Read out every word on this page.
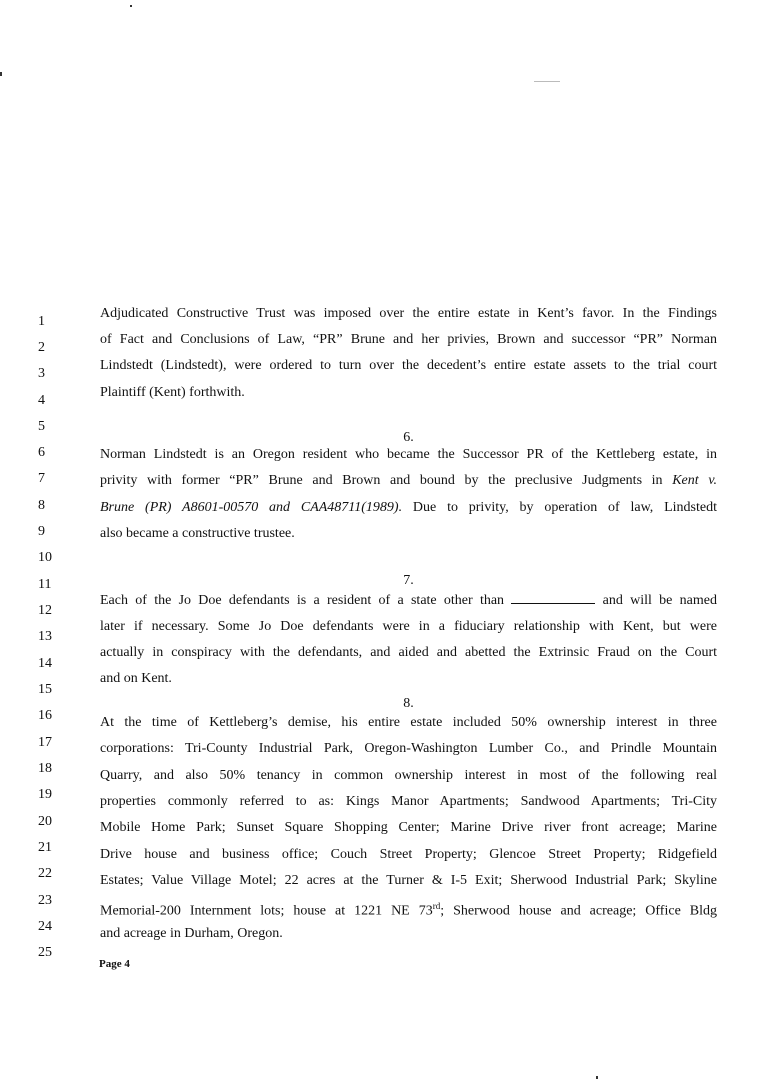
1
2
3
4
5
6
7
8
9
10
11
12
13
14
15
16
17
18
19
20
21
22
23
24
25
Adjudicated Constructive Trust was imposed over the entire estate in Kent’s favor. In the Findings
of Fact and Conclusions of Law, “PR” Brune and her privies, Brown and successor “PR” Norman
Lindstedt (Lindstedt), were ordered to turn over the decedent’s entire estate assets to the trial court
Plaintiff (Kent) forthwith.
6.
Norman Lindstedt is an Oregon resident who became the Successor PR of the Kettleberg estate, in
privity with former “PR” Brune and Brown and bound by the preclusive Judgments in Kent v.
Brune (PR) A8601-00570 and CAA48711(1989). Due to privity, by operation of law, Lindstedt
also became a constructive trustee.
7.
Each of the Jo Doe defendants is a resident of a state other than	and will be named
later if necessary. Some Jo Doe defendants were in a fiduciary relationship with Kent, but were
actually in conspiracy with the defendants, and aided and abetted the Extrinsic Fraud on the Court
and on Kent.
8.
At the time of Kettleberg’s demise, his entire estate included 50% ownership interest in three
corporations: Tri-County Industrial Park, Oregon-Washington Lumber Co., and Prindle Mountain
Quarry, and also 50% tenancy in common ownership interest in most of the following real
properties commonly referred to as: Kings Manor Apartments; Sandwood Apartments; Tri-City
Mobile Home Park; Sunset Square Shopping Center; Marine Drive river front acreage; Marine
Drive house and business office; Couch Street Property; Glencoe Street Property; Ridgefield
Estates; Value Village Motel; 22 acres at the Turner & I-5 Exit; Sherwood Industrial Park; Skyline
Memorial-200 Internment lots; house at 1221 NE 73rd; Sherwood house and acreage; Office Bldg
and acreage in Durham, Oregon.
Page 4
